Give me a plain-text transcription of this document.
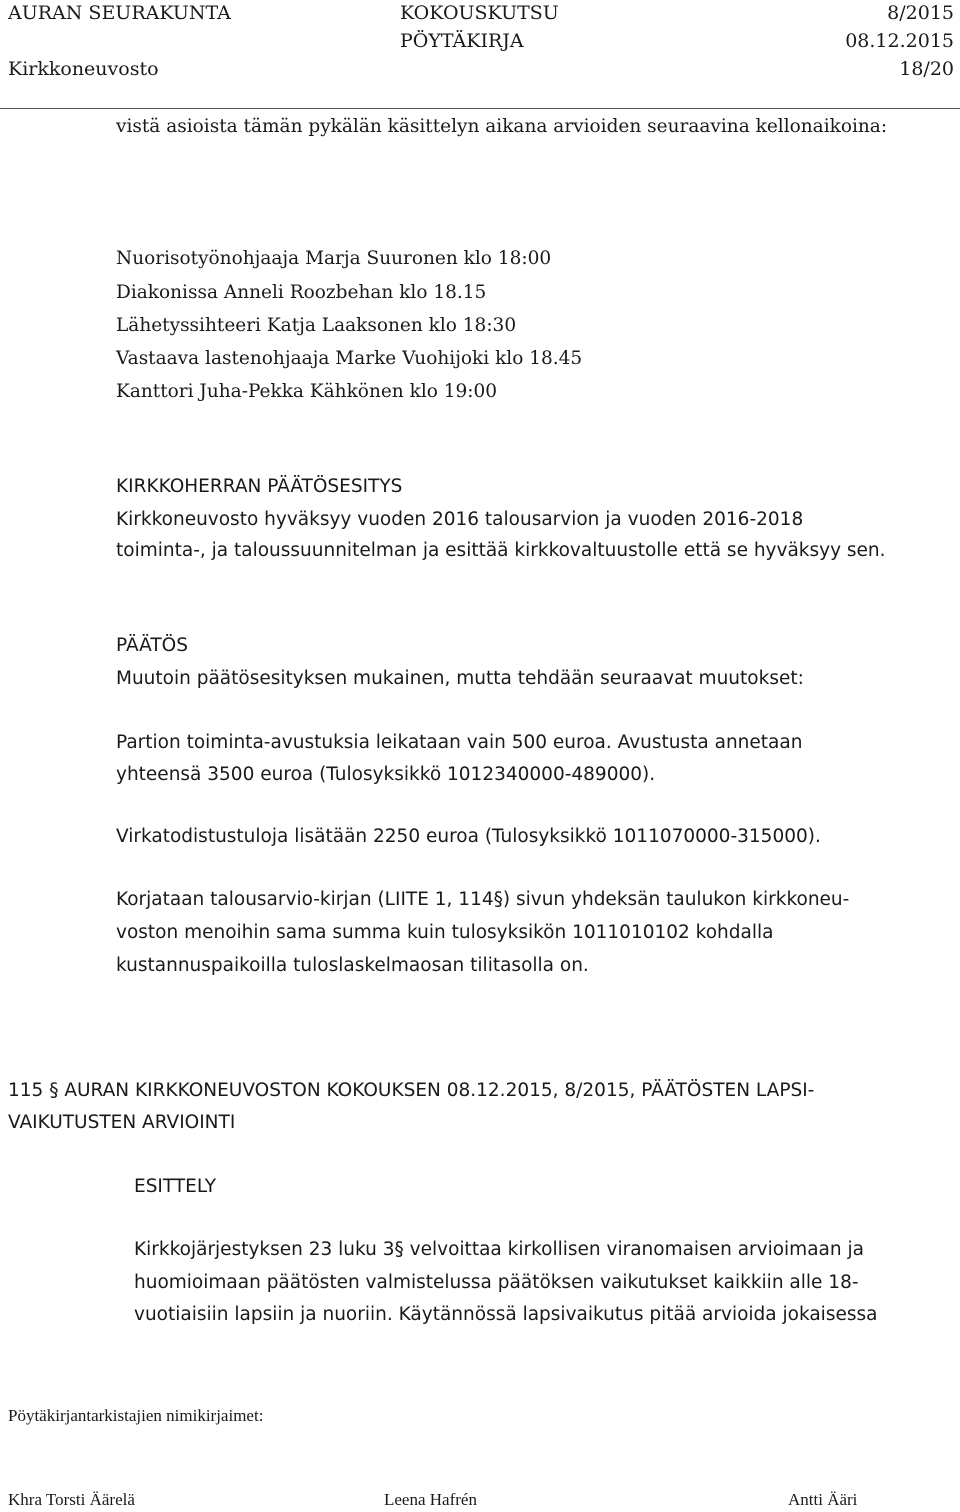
AURAN SEURAKUNTA	KOKOUSKUTSU
PÖYTÄKIRJA
8/2015
08.12.2015
Kirkkoneuvosto	18/20
vistä asioista tämän pykälän käsittelyn aikana arvioiden seuraavina kellonaikoina:
Nuorisotyönohjaaja Marja Suuronen klo 18:00
Diakonissa Anneli Roozbehan klo 18.15
Lähetyssihteeri Katja Laaksonen klo 18:30
Vastaava lastenohjaaja Marke Vuohijoki klo 18.45
Kanttori Juha-Pekka Kähkönen klo 19:00
KIRKKOHERRAN PÄÄTÖSESITYS
Kirkkoneuvosto hyväksyy vuoden 2016 talousarvion ja vuoden 2016-2018
toiminta-, ja taloussuunnitelman ja esittää kirkkovaltuustolle että se hyväksyy sen.
PÄÄTÖS
Muutoin päätösesityksen mukainen, mutta tehdään seuraavat muutokset:
Partion toiminta-avustuksia leikataan vain 500 euroa. Avustusta annetaan
yhteensä 3500 euroa (Tulosyksikkö 1012340000-489000).
Virkatodistustuloja lisätään 2250 euroa (Tulosyksikkö 1011070000-315000).
Korjataan talousarvio-kirjan (LIITE 1, 114§) sivun yhdeksän taulukon kirkkoneu-
voston menoihin sama summa kuin tulosyksikön 1011010102 kohdalla
kustannuspaikoilla tuloslaskelmaosan tilitasolla on.
115 § AURAN KIRKKONEUVOSTON KOKOUKSEN 08.12.2015, 8/2015, PÄÄTÖSTEN LAPSI-
VAIKUTUSTEN ARVIOINTI
ESITTELY
Kirkkojärjestyksen 23 luku 3§ velvoittaa kirkollisen viranomaisen arvioimaan ja
huomioimaan päätösten valmistelussa päätöksen vaikutukset kaikkiin alle 18-
vuotiaisiin lapsiin ja nuoriin. Käytännössä lapsivaikutus pitää arvioida jokaisessa
Pöytäkirjantarkistajien nimikirjaimet:
Khra Torsti Äärelä	Leena Hafrén	Antti Ääri
